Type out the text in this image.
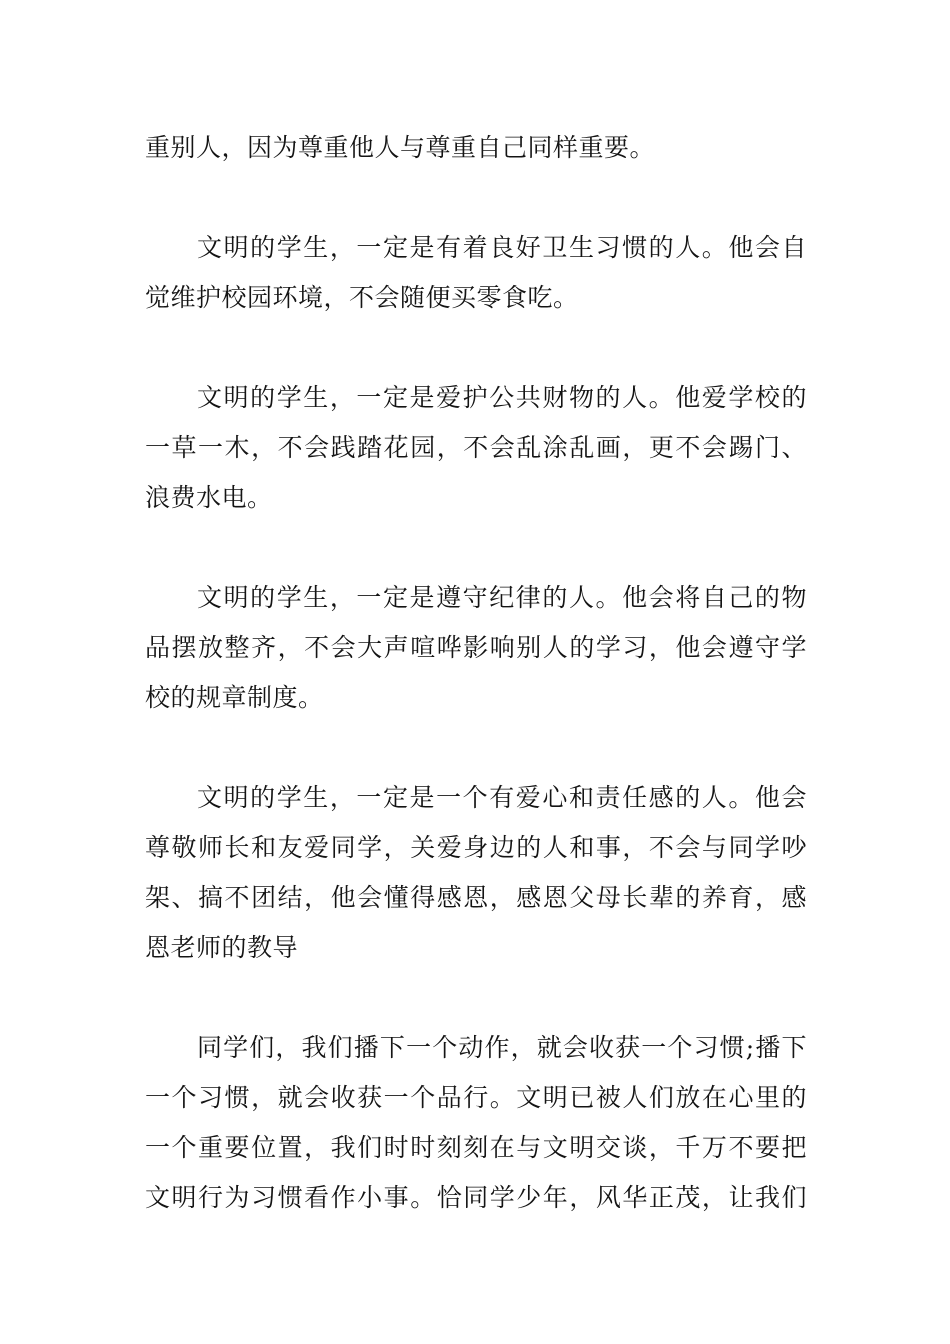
重别人，因为尊重他人与尊重自己同样重要。
文明的学生，一定是有着良好卫生习惯的人。他会自
觉维护校园环境，不会随便买零食吃。
文明的学生，一定是爱护公共财物的人。他爱学校的
一草一木，不会践踏花园，不会乱涂乱画，更不会踢门、
浪费水电。
文明的学生，一定是遵守纪律的人。他会将自己的物
品摆放整齐，不会大声喧哗影响别人的学习，他会遵守学
校的规章制度。
文明的学生，一定是一个有爱心和责任感的人。他会
尊敬师长和友爱同学，关爱身边的人和事，不会与同学吵
架、搞不团结，他会懂得感恩，感恩父母长辈的养育，感
恩老师的教导
同学们，我们播下一个动作，就会收获一个习惯;播下
一个习惯，就会收获一个品行。文明已被人们放在心里的
一个重要位置，我们时时刻刻在与文明交谈，千万不要把
文明行为习惯看作小事。恰同学少年，风华正茂，让我们
